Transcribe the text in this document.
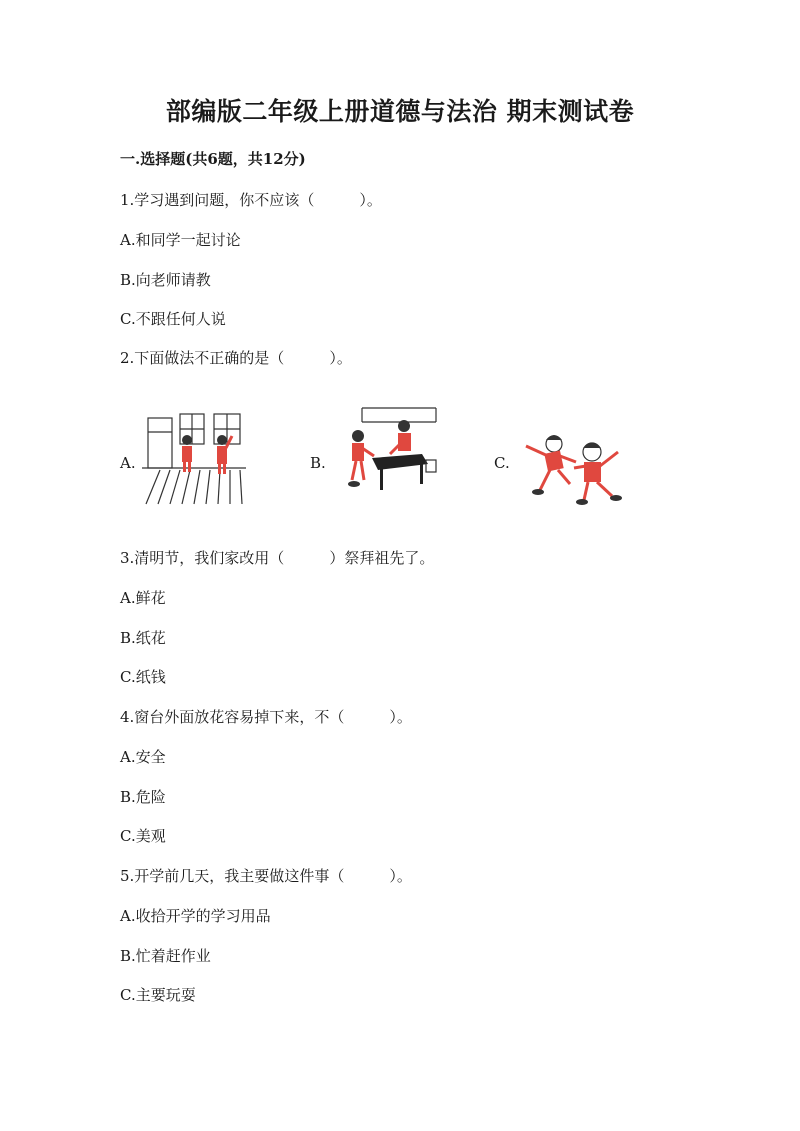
部编版二年级上册道德与法治 期末测试卷
一.选择题(共6题，共12分)
1.学习遇到问题，你不应该（　　　）。
A.和同学一起讨论
B.向老师请教
C.不跟任何人说
2.下面做法不正确的是（　　　）。
A.	B.	C.
3.清明节，我们家改用（　　　）祭拜祖先了。
A.鲜花
B.纸花
C.纸钱
4.窗台外面放花容易掉下来，不（　　　）。
A.安全
B.危险
C.美观
5.开学前几天，我主要做这件事（　　　）。
A.收拾开学的学习用品
B.忙着赶作业
C.主要玩耍
